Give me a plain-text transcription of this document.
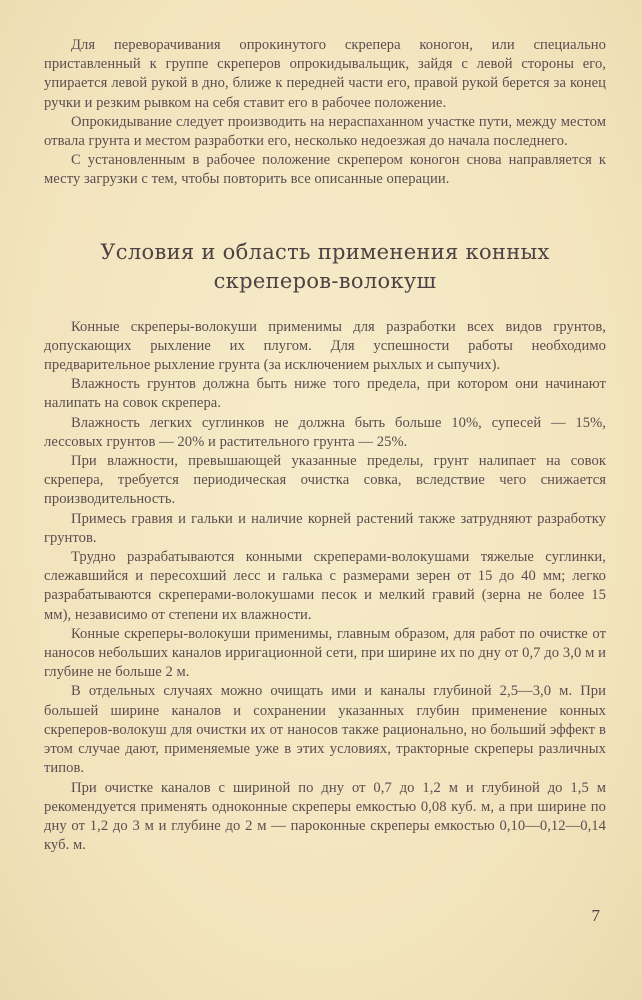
Для переворачивания опрокинутого скрепера коногон, или специально приставленный к группе скреперов опрокидывальщик, зайдя с левой стороны его, упирается левой рукой в дно, ближе к передней части его, правой рукой берется за конец ручки и резким рывком на себя ставит его в рабочее положение.

Опрокидывание следует производить на нераспаханном участке пути, между местом отвала грунта и местом разработки его, несколько недоезжая до начала последнего.

С установленным в рабочее положение скрепером коногон снова направляется к месту загрузки с тем, чтобы повторить все описанные операции.

Условия и область применения конных
скреперов-волокуш

Конные скреперы-волокуши применимы для разработки всех видов грунтов, допускающих рыхление их плугом. Для успешности работы необходимо предварительное рыхление грунта (за исключением рыхлых и сыпучих).

Влажность грунтов должна быть ниже того предела, при котором они начинают налипать на совок скрепера.

Влажность легких суглинков не должна быть больше 10%, супесей — 15%, лессовых грунтов — 20% и растительного грунта — 25%.

При влажности, превышающей указанные пределы, грунт налипает на совок скрепера, требуется периодическая очистка совка, вследствие чего снижается производительность.

Примесь гравия и гальки и наличие корней растений также затрудняют разработку грунтов.

Трудно разрабатываются конными скреперами-волокушами тяжелые суглинки, слежавшийся и пересохший лесс и галька с размерами зерен от 15 до 40 мм; легко разрабатываются скреперами-волокушами песок и мелкий гравий (зерна не более 15 мм), независимо от степени их влажности.

Конные скреперы-волокуши применимы, главным образом, для работ по очистке от наносов небольших каналов ирригационной сети, при ширине их по дну от 0,7 до 3,0 м и глубине не больше 2 м.

В отдельных случаях можно очищать ими и каналы глубиной 2,5—3,0 м. При большей ширине каналов и сохранении указанных глубин применение конных скреперов-волокуш для очистки их от наносов также рационально, но больший эффект в этом случае дают, применяемые уже в этих условиях, тракторные скреперы различных типов.

При очистке каналов с шириной по дну от 0,7 до 1,2 м и глубиной до 1,5 м рекомендуется применять одноконные скреперы емкостью 0,08 куб. м, а при ширине по дну от 1,2 до 3 м и глубине до 2 м — пароконные скреперы емкостью 0,10—0,12—0,14 куб. м.

7
